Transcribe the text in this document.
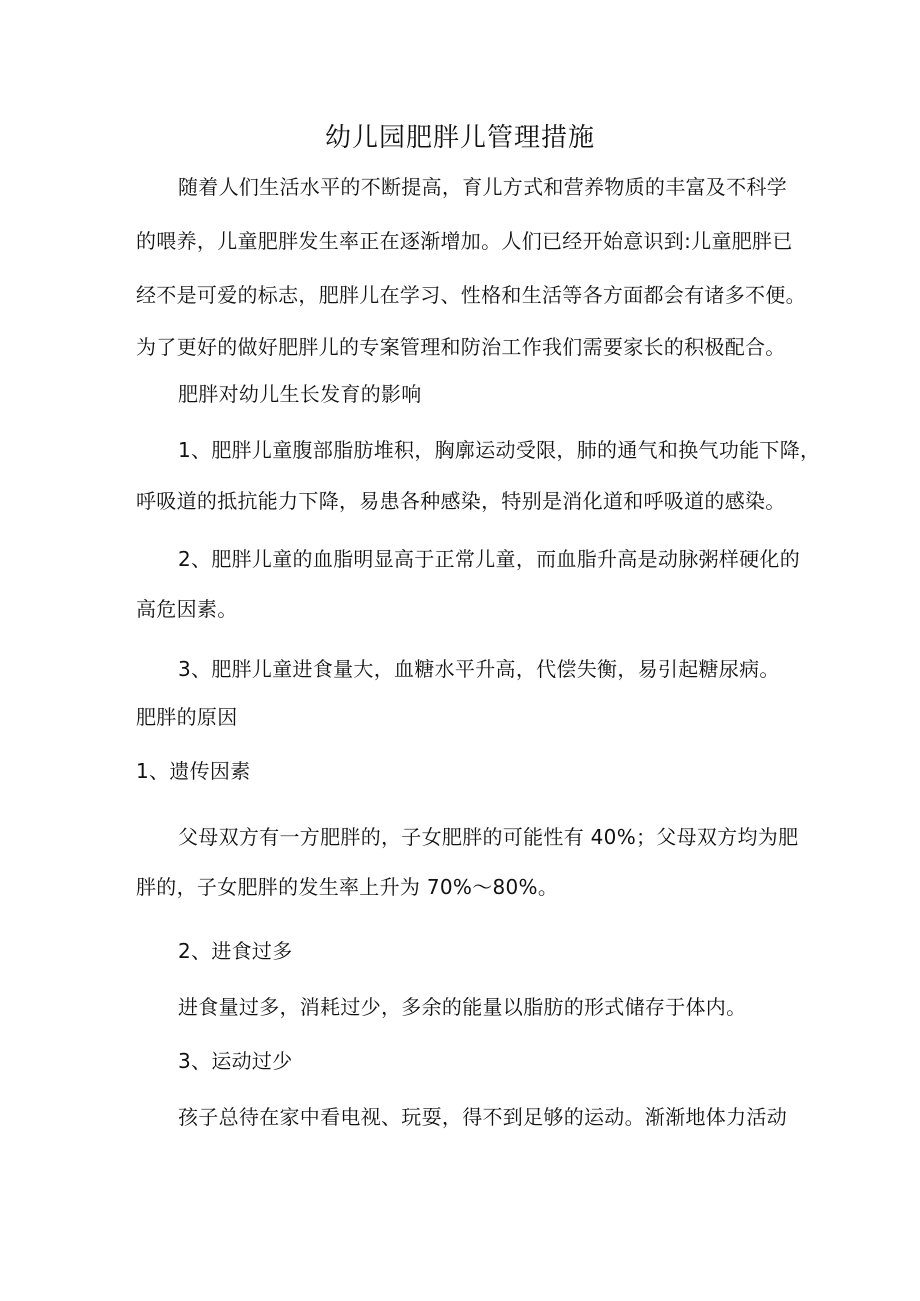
幼儿园肥胖儿管理措施
随着人们生活水平的不断提高，育儿方式和营养物质的丰富及不科学
的喂养，儿童肥胖发生率正在逐渐增加。人们已经开始意识到:儿童肥胖已
经不是可爱的标志，肥胖儿在学习、性格和生活等各方面都会有诸多不便。
为了更好的做好肥胖儿的专案管理和防治工作我们需要家长的积极配合。
肥胖对幼儿生长发育的影响
1、肥胖儿童腹部脂肪堆积，胸廓运动受限，肺的通气和换气功能下降，
呼吸道的抵抗能力下降，易患各种感染，特别是消化道和呼吸道的感染。
2、肥胖儿童的血脂明显高于正常儿童，而血脂升高是动脉粥样硬化的
高危因素。
3、肥胖儿童进食量大，血糖水平升高，代偿失衡，易引起糖尿病。
肥胖的原因
1、遗传因素
父母双方有一方肥胖的，子女肥胖的可能性有 40%；父母双方均为肥
胖的，子女肥胖的发生率上升为 70%～80%。
2、进食过多
进食量过多，消耗过少，多余的能量以脂肪的形式储存于体内。
3、运动过少
孩子总待在家中看电视、玩耍，得不到足够的运动。渐渐地体力活动
